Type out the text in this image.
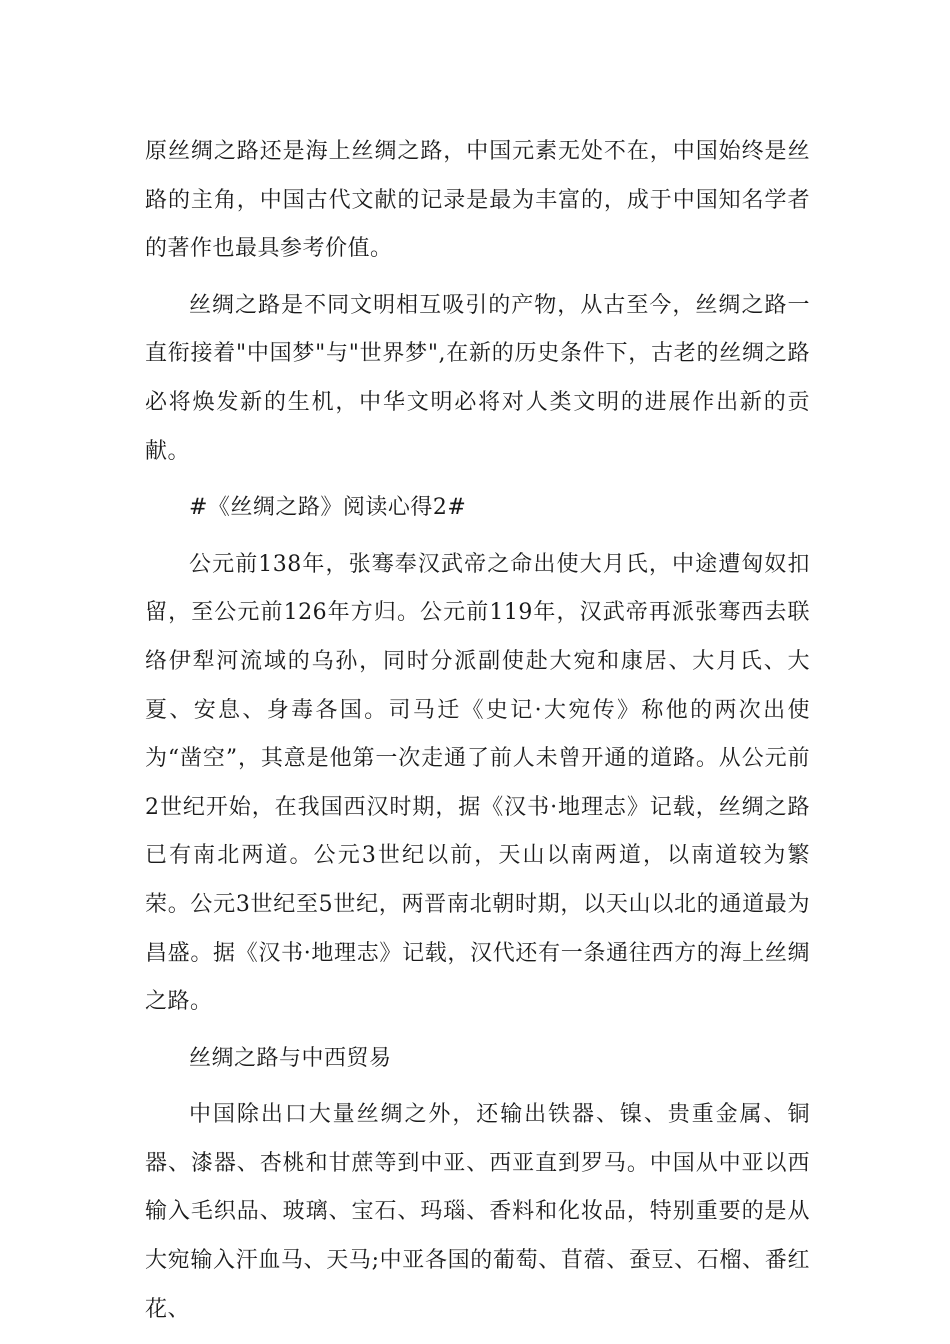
原丝绸之路还是海上丝绸之路，中国元素无处不在，中国始终是丝路的主角，中国古代文献的记录是最为丰富的，成于中国知名学者的著作也最具参考价值。

丝绸之路是不同文明相互吸引的产物，从古至今，丝绸之路一直衔接着"中国梦"与"世界梦",在新的历史条件下，古老的丝绸之路必将焕发新的生机，中华文明必将对人类文明的进展作出新的贡献。

#《丝绸之路》阅读心得2#

公元前138年，张骞奉汉武帝之命出使大月氏，中途遭匈奴扣留，至公元前126年方归。公元前119年，汉武帝再派张骞西去联络伊犁河流域的乌孙，同时分派副使赴大宛和康居、大月氏、大夏、安息、身毒各国。司马迁《史记·大宛传》称他的两次出使为“凿空”，其意是他第一次走通了前人未曾开通的道路。从公元前2世纪开始，在我国西汉时期，据《汉书·地理志》记载，丝绸之路已有南北两道。公元3世纪以前，天山以南两道，以南道较为繁荣。公元3世纪至5世纪，两晋南北朝时期，以天山以北的通道最为昌盛。据《汉书·地理志》记载，汉代还有一条通往西方的海上丝绸之路。

丝绸之路与中西贸易

中国除出口大量丝绸之外，还输出铁器、镍、贵重金属、铜器、漆器、杏桃和甘蔗等到中亚、西亚直到罗马。中国从中亚以西输入毛织品、玻璃、宝石、玛瑙、香料和化妆品，特别重要的是从大宛输入汗血马、天马;中亚各国的葡萄、苜蓿、蚕豆、石榴、番红花、
